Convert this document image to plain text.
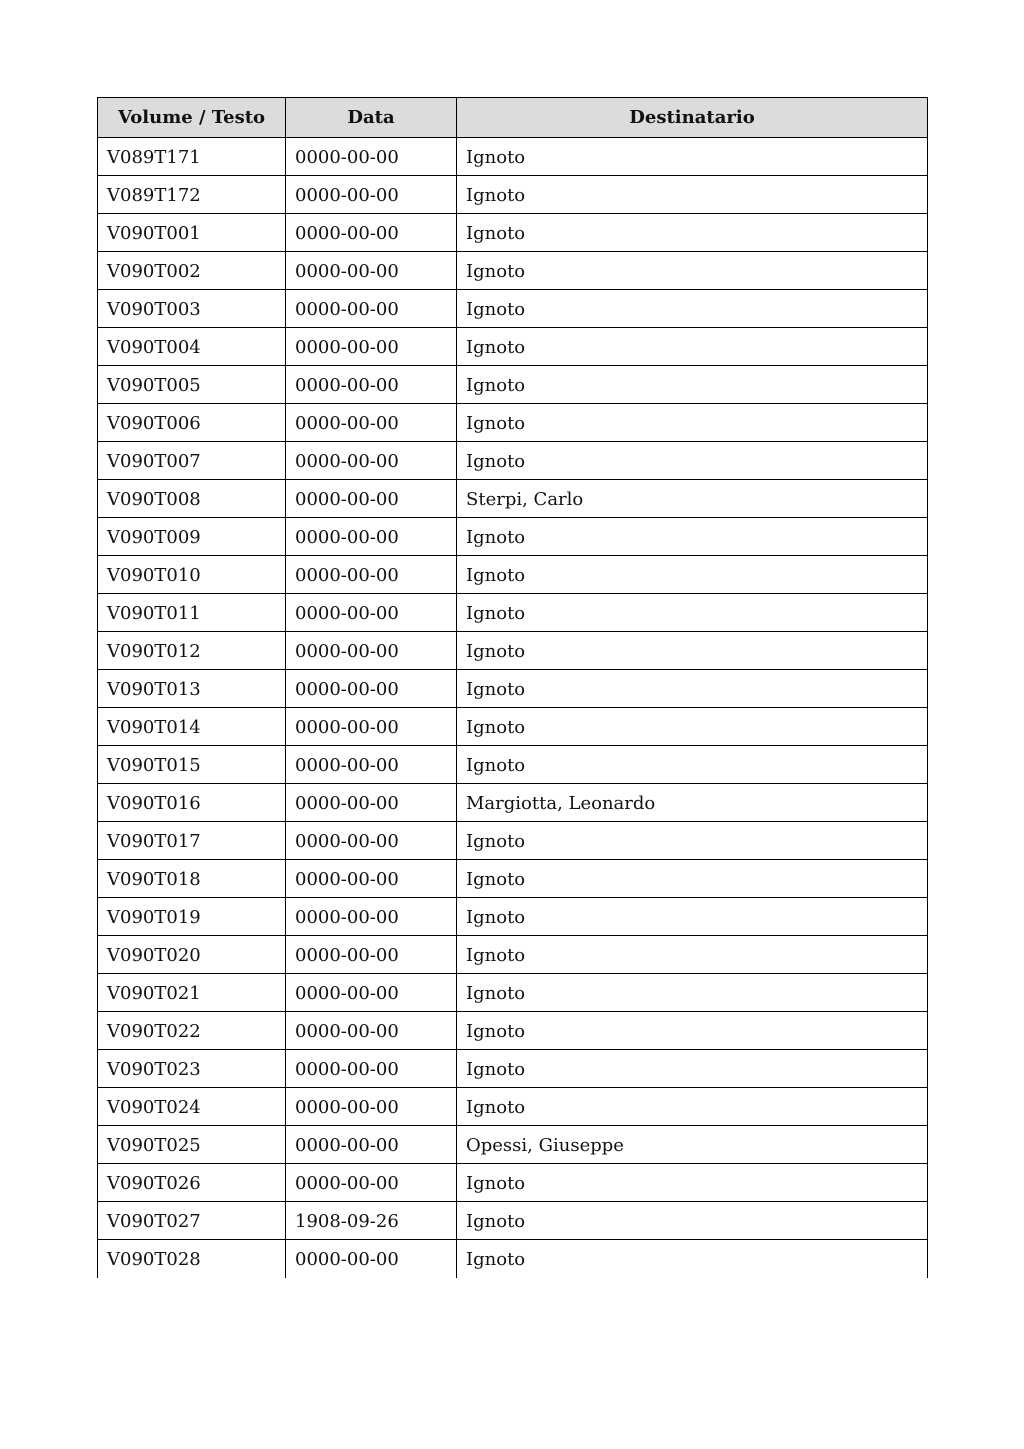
Volume / Testo	Data	Destinatario
V089T171	0000-00-00	Ignoto
V089T172	0000-00-00	Ignoto
V090T001	0000-00-00	Ignoto
V090T002	0000-00-00	Ignoto
V090T003	0000-00-00	Ignoto
V090T004	0000-00-00	Ignoto
V090T005	0000-00-00	Ignoto
V090T006	0000-00-00	Ignoto
V090T007	0000-00-00	Ignoto
V090T008	0000-00-00	Sterpi, Carlo
V090T009	0000-00-00	Ignoto
V090T010	0000-00-00	Ignoto
V090T011	0000-00-00	Ignoto
V090T012	0000-00-00	Ignoto
V090T013	0000-00-00	Ignoto
V090T014	0000-00-00	Ignoto
V090T015	0000-00-00	Ignoto
V090T016	0000-00-00	Margiotta, Leonardo
V090T017	0000-00-00	Ignoto
V090T018	0000-00-00	Ignoto
V090T019	0000-00-00	Ignoto
V090T020	0000-00-00	Ignoto
V090T021	0000-00-00	Ignoto
V090T022	0000-00-00	Ignoto
V090T023	0000-00-00	Ignoto
V090T024	0000-00-00	Ignoto
V090T025	0000-00-00	Opessi, Giuseppe
V090T026	0000-00-00	Ignoto
V090T027	1908-09-26	Ignoto
V090T028	0000-00-00	Ignoto
